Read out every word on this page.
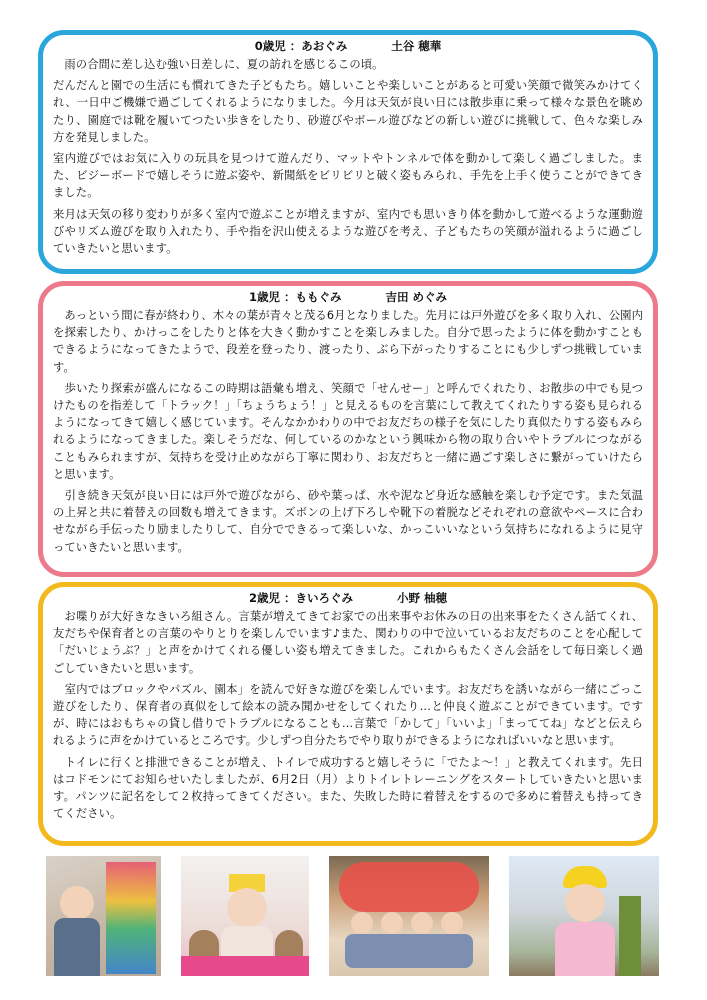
0歳児 ：あおぐみ	土谷 穂華

　雨の合間に差し込む強い日差しに、夏の訪れを感じるこの頃。

だんだんと園での生活にも慣れてきた子どもたち。嬉しいことや楽しいことがあると可愛い笑顔で微笑みかけてくれ、一日中ご機嫌で過ごしてくれるようになりました。今月は天気が良い日には散歩車に乗って様々な景色を眺めたり、園庭では靴を履いてつたい歩きをしたり、砂遊びやボール遊びなどの新しい遊びに挑戦して、色々な楽しみ方を発見しました。

室内遊びではお気に入りの玩具を見つけて遊んだり、マットやトンネルで体を動かして楽しく過ごしました。また、ビジーボードで嬉しそうに遊ぶ姿や、新聞紙をビリビリと破く姿もみられ、手先を上手く使うことができてきました。

来月は天気の移り変わりが多く室内で遊ぶことが増えますが、室内でも思いきり体を動かして遊べるような運動遊びやリズム遊びを取り入れたり、手や指を沢山使えるような遊びを考え、子どもたちの笑顔が溢れるように過ごしていきたいと思います。

1歳児 ：ももぐみ	吉田 めぐみ

　あっという間に春が終わり、木々の葉が青々と茂る6月となりました。先月には戸外遊びを多く取り入れ、公園内を探索したり、かけっこをしたりと体を大きく動かすことを楽しみました。自分で思ったように体を動かすこともできるようになってきたようで、段差を登ったり、渡ったり、ぶら下がったりすることにも少しずつ挑戦しています。

　歩いたり探索が盛んになるこの時期は語彙も増え、笑顔で「せんせー」と呼んでくれたり、お散歩の中でも見つけたものを指差して「トラック！」「ちょうちょう！」と見えるものを言葉にして教えてくれたりする姿も見られるようになってきて嬉しく感じています。そんなかかわりの中でお友だちの様子を気にしたり真似たりする姿もみられるようになってきました。楽しそうだな、何しているのかなという興味から物の取り合いやトラブルにつながることもみられますが、気持ちを受け止めながら丁寧に関わり、お友だちと一緒に過ごす楽しさに繋がっていけたらと思います。

　引き続き天気が良い日には戸外で遊びながら、砂や葉っぱ、水や泥など身近な感触を楽しむ予定です。また気温の上昇と共に着替えの回数も増えてきます。ズボンの上げ下ろしや靴下の着脱などそれぞれの意欲やペースに合わせながら手伝ったり励ましたりして、自分でできるって楽しいな、かっこいいなという気持ちになれるように見守っていきたいと思います。

2歳児 ：きいろぐみ	小野 柚穂

　お喋りが大好きなきいろ組さん。言葉が増えてきてお家での出来事やお休みの日の出来事をたくさん話てくれ、友だちや保育者との言葉のやりとりを楽しんでいます♪また、関わりの中で泣いているお友だちのことを心配して「だいじょうぶ？」と声をかけてくれる優しい姿も増えてきました。これからもたくさん会話をして毎日楽しく過ごしていきたいと思います。

　室内ではブロックやパズル、園本」を読んで好きな遊びを楽しんでいます。お友だちを誘いながら一緒にごっこ遊びをしたり、保育者の真似をして絵本の読み聞かせをしてくれたり…と仲良く遊ぶことができています。ですが、時にはおもちゃの貸し借りでトラブルになることも…言葉で「かして」「いいよ」「まっててね」などと伝えられるように声をかけているところです。少しずつ自分たちでやり取りができるようになればいいなと思います。

　トイレに行くと排泄できることが増え、トイレで成功すると嬉しそうに「でたよ～！」と教えてくれます。先日はコドモンにてお知らせいたしましたが、6月2日（月）よりトイレトレーニングをスタートしていきたいと思います。パンツに記名をして２枚持ってきてください。また、失敗した時に着替えをするので多めに着替えも持ってきてください。
